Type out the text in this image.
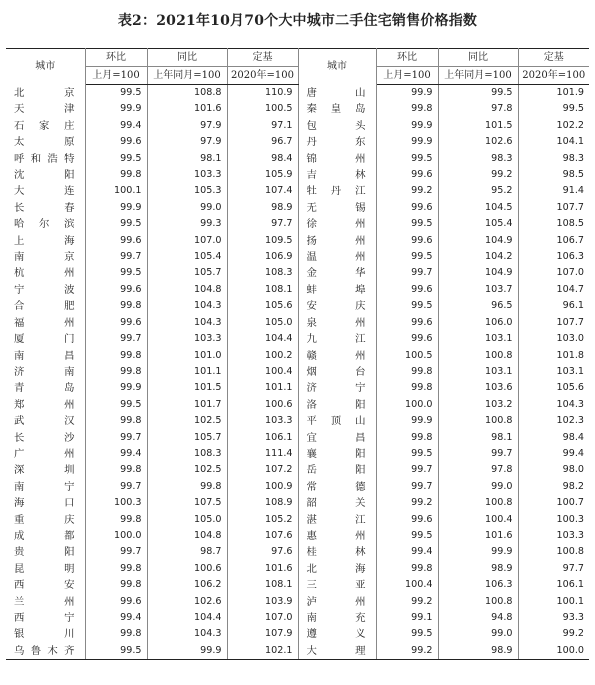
表2：2021年10月70个大中城市二手住宅销售价格指数
城市	环比	同比	定基	城市	环比	同比	定基
	上月=100	上年同月=100	2020年=100		上月=100	上年同月=100	2020年=100
北　京	99.5	108.8	110.9	唐　山	99.9	99.5	101.9
天　津	99.9	101.6	100.5	秦皇岛	99.8	97.8	99.5
石家庄	99.4	97.9	97.1	包　头	99.9	101.5	102.2
太　原	99.6	97.9	96.7	丹　东	99.9	102.6	104.1
呼和浩特	99.5	98.1	98.4	锦　州	99.5	98.3	98.3
沈　阳	99.8	103.3	105.9	吉　林	99.6	99.2	98.5
大　连	100.1	105.3	107.4	牡丹江	99.2	95.2	91.4
长　春	99.9	99.0	98.9	无　锡	99.6	104.5	107.7
哈尔滨	99.5	99.3	97.7	徐　州	99.5	105.4	108.5
上　海	99.6	107.0	109.5	扬　州	99.6	104.9	106.7
南　京	99.7	105.4	106.9	温　州	99.5	104.2	106.3
杭　州	99.5	105.7	108.3	金　华	99.7	104.9	107.0
宁　波	99.6	104.8	108.1	蚌　埠	99.6	103.7	104.7
合　肥	99.8	104.3	105.6	安　庆	99.5	96.5	96.1
福　州	99.6	104.3	105.0	泉　州	99.6	106.0	107.7
厦　门	99.7	103.3	104.4	九　江	99.6	103.1	103.0
南　昌	99.8	101.0	100.2	赣　州	100.5	100.8	101.8
济　南	99.8	101.1	100.4	烟　台	99.8	103.1	103.1
青　岛	99.9	101.5	101.1	济　宁	99.8	103.6	105.6
郑　州	99.5	101.7	100.6	洛　阳	100.0	103.2	104.3
武　汉	99.8	102.5	103.3	平顶山	99.9	100.8	102.3
长　沙	99.7	105.7	106.1	宜　昌	99.8	98.1	98.4
广　州	99.4	108.3	111.4	襄　阳	99.5	99.7	99.4
深　圳	99.8	102.5	107.2	岳　阳	99.7	97.8	98.0
南　宁	99.7	99.8	100.9	常　德	99.7	99.0	98.2
海　口	100.3	107.5	108.9	韶　关	99.2	100.8	100.7
重　庆	99.8	105.0	105.2	湛　江	99.6	100.4	100.3
成　都	100.0	104.8	107.6	惠　州	99.5	101.6	103.3
贵　阳	99.7	98.7	97.6	桂　林	99.4	99.9	100.8
昆　明	99.8	100.6	101.6	北　海	99.8	98.9	97.7
西　安	99.8	106.2	108.1	三　亚	100.4	106.3	106.1
兰　州	99.6	102.6	103.9	泸　州	99.2	100.8	100.1
西　宁	99.4	104.4	107.0	南　充	99.1	94.8	93.3
银　川	99.8	104.3	107.9	遵　义	99.5	99.0	99.2
乌鲁木齐	99.5	99.9	102.1	大　理	99.2	98.9	100.0
